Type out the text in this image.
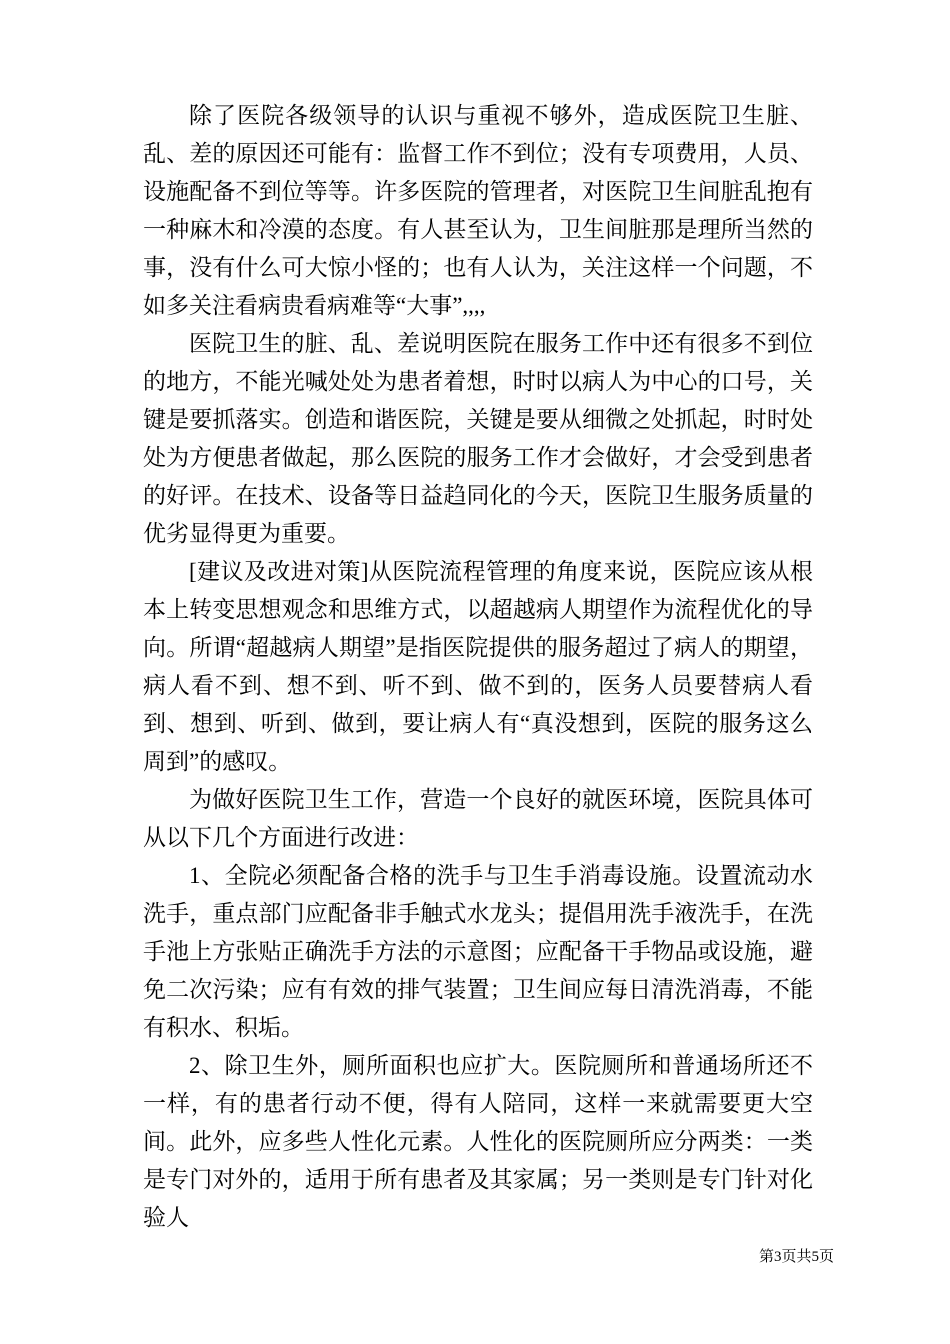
除了医院各级领导的认识与重视不够外，造成医院卫生脏、乱、差的原因还可能有：监督工作不到位；没有专项费用，人员、设施配备不到位等等。许多医院的管理者，对医院卫生间脏乱抱有一种麻木和冷漠的态度。有人甚至认为，卫生间脏那是理所当然的事，没有什么可大惊小怪的；也有人认为，关注这样一个问题，不如多关注看病贵看病难等“大事”,,,,

医院卫生的脏、乱、差说明医院在服务工作中还有很多不到位的地方，不能光喊处处为患者着想，时时以病人为中心的口号，关键是要抓落实。创造和谐医院，关键是要从细微之处抓起，时时处处为方便患者做起，那么医院的服务工作才会做好，才会受到患者的好评。在技术、设备等日益趋同化的今天，医院卫生服务质量的优劣显得更为重要。

[建议及改进对策]从医院流程管理的角度来说，医院应该从根本上转变思想观念和思维方式，以超越病人期望作为流程优化的导向。所谓“超越病人期望”是指医院提供的服务超过了病人的期望，病人看不到、想不到、听不到、做不到的，医务人员要替病人看到、想到、听到、做到，要让病人有“真没想到，医院的服务这么周到”的感叹。

为做好医院卫生工作，营造一个良好的就医环境，医院具体可从以下几个方面进行改进：

1、全院必须配备合格的洗手与卫生手消毒设施。设置流动水洗手，重点部门应配备非手触式水龙头；提倡用洗手液洗手，在洗手池上方张贴正确洗手方法的示意图；应配备干手物品或设施，避免二次污染；应有有效的排气装置；卫生间应每日清洗消毒，不能有积水、积垢。

2、除卫生外，厕所面积也应扩大。医院厕所和普通场所还不一样，有的患者行动不便，得有人陪同，这样一来就需要更大空间。此外，应多些人性化元素。人性化的医院厕所应分两类：一类是专门对外的，适用于所有患者及其家属；另一类则是专门针对化验人

第3页共5页
